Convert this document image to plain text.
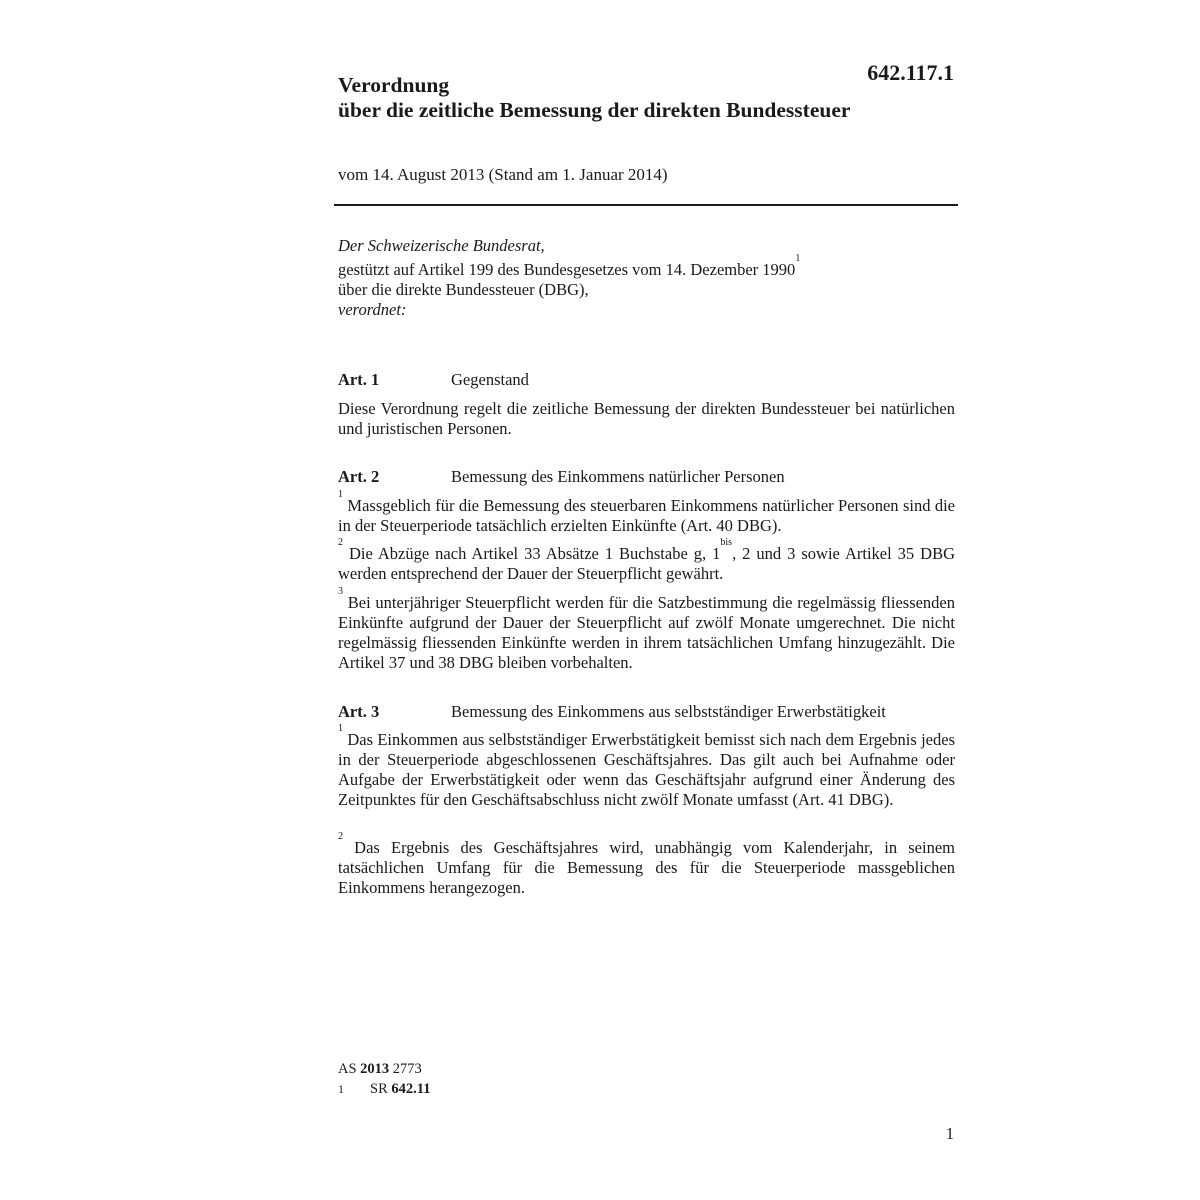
642.117.1

Verordnung
über die zeitliche Bemessung der direkten Bundessteuer

vom 14. August 2013 (Stand am 1. Januar 2014)

Der Schweizerische Bundesrat,

gestützt auf Artikel 199 des Bundesgesetzes vom 14. Dezember 1990$^1$

über die direkte Bundessteuer (DBG),

verordnet:

Art. 1	Gegenstand

Diese Verordnung regelt die zeitliche Bemessung der direkten Bundessteuer bei natürlichen und juristischen Personen.

Art. 2	Bemessung des Einkommens natürlicher Personen

$^1$ Massgeblich für die Bemessung des steuerbaren Einkommens natürlicher Personen sind die in der Steuerperiode tatsächlich erzielten Einkünfte (Art. 40 DBG).

$^2$ Die Abzüge nach Artikel 33 Absätze 1 Buchstabe g, $1^{bis}$, 2 und 3 sowie Artikel 35 DBG werden entsprechend der Dauer der Steuerpflicht gewährt.

$^3$ Bei unterjähriger Steuerpflicht werden für die Satzbestimmung die regelmässig fliessenden Einkünfte aufgrund der Dauer der Steuerpflicht auf zwölf Monate umgerechnet. Die nicht regelmässig fliessenden Einkünfte werden in ihrem tatsächlichen Umfang hinzugezählt. Die Artikel 37 und 38 DBG bleiben vorbehalten.

Art. 3	Bemessung des Einkommens aus selbstständiger Erwerbstätigkeit

$^1$ Das Einkommen aus selbstständiger Erwerbstätigkeit bemisst sich nach dem Ergebnis jedes in der Steuerperiode abgeschlossenen Geschäftsjahres. Das gilt auch bei Aufnahme oder Aufgabe der Erwerbstätigkeit oder wenn das Geschäftsjahr aufgrund einer Änderung des Zeitpunktes für den Geschäftsabschluss nicht zwölf Monate umfasst (Art. 41 DBG).

$^2$ Das Ergebnis des Geschäftsjahres wird, unabhängig vom Kalenderjahr, in seinem tatsächlichen Umfang für die Bemessung des für die Steuerperiode massgeblichen Einkommens herangezogen.

AS 2013 2773

1 SR 642.11

1
